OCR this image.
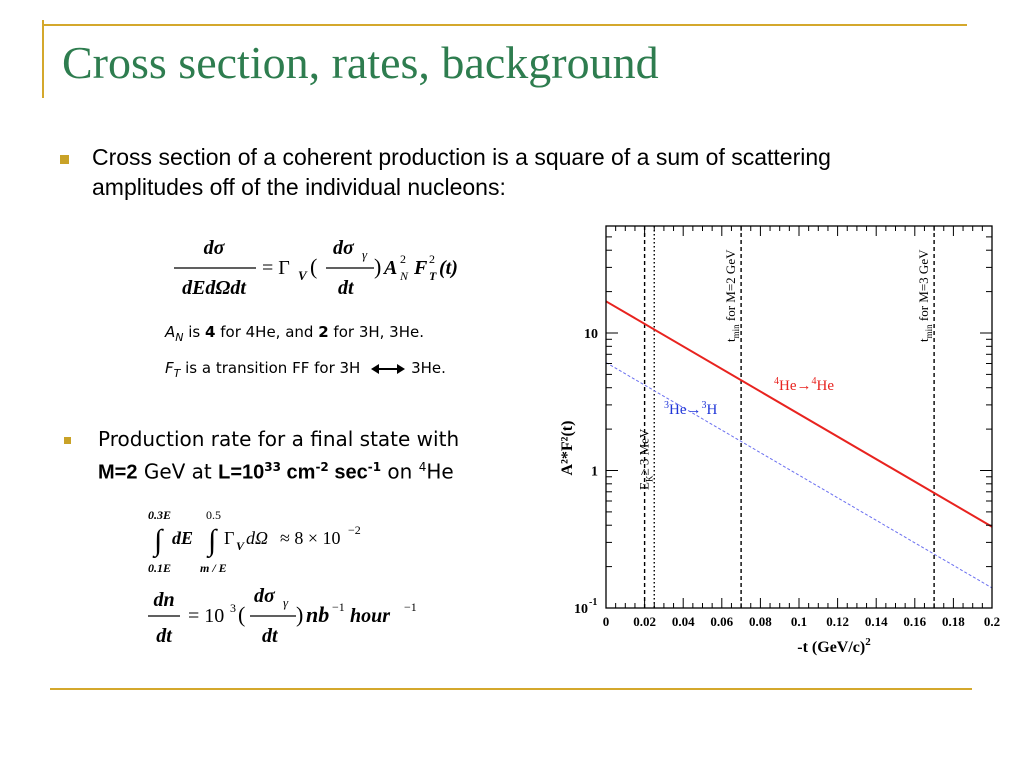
Cross section, rates, background
Cross section of a coherent production is a square of a sum of scattering amplitudes off of the individual nucleons:
dσ
dEdΩdt
= Γ V (
dσ γ
dt
) A 2
N F 2
T (t)
$A_N$ is 4 for 4He, and 2 for 3H, 3He.
$F_T$ is a transition FF for 3H	3He.
Production rate for a final state with
M=2 GeV at $L=10^{33}$ $cm^{-2}$ $\sec^{-1}$ on $^4$He
0.3E
∫ dE
0.1E
0.5
∫ Γ V dΩ
m / E
≈ 8 × 10 −2
dn
dt
= 10 3 (
dσ γ
dt
) nb −1 hour −1
0 0.02 0.04 0.06 0.08 0.1 0.12 0.14 0.16 0.18 0.2
10
1
10 -1
$E_K\ge 3$ MeV
$t_{min}$ for M=2 GeV
$t_{min}$ for M=3 GeV
$^4$He→$^4$He
$^3$He→$^3$H
-t $(GeV/c)^2$
A²*F²(t)
